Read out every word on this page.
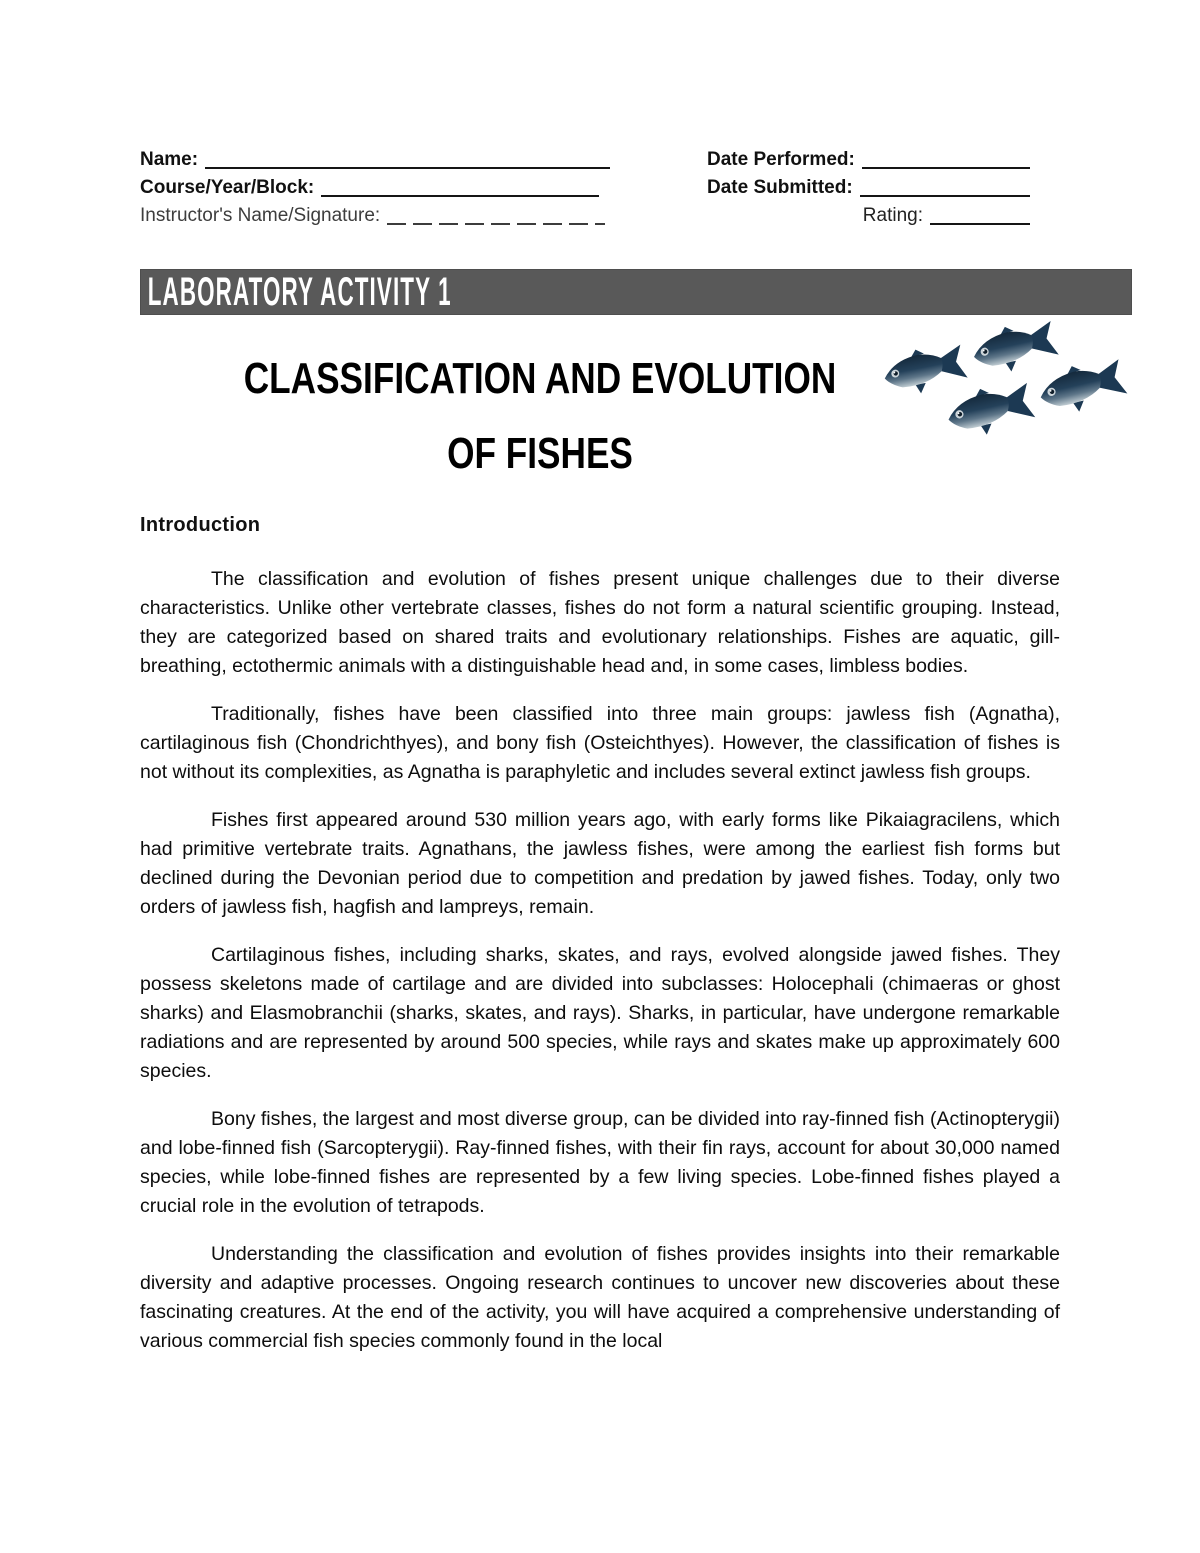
Name:
Course/Year/Block:
Instructor's Name/Signature:
Date Performed:
Date Submitted:
Rating:
LABORATORY ACTIVITY 1
CLASSIFICATION AND EVOLUTION
OF FISHES
Introduction

The classification and evolution of fishes present unique challenges due to their diverse characteristics. Unlike other vertebrate classes, fishes do not form a natural scientific grouping. Instead, they are categorized based on shared traits and evolutionary relationships. Fishes are aquatic, gill-breathing, ectothermic animals with a distinguishable head and, in some cases, limbless bodies.

Traditionally, fishes have been classified into three main groups: jawless fish (Agnatha), cartilaginous fish (Chondrichthyes), and bony fish (Osteichthyes). However, the classification of fishes is not without its complexities, as Agnatha is paraphyletic and includes several extinct jawless fish groups.

Fishes first appeared around 530 million years ago, with early forms like Pikaiagracilens, which had primitive vertebrate traits. Agnathans, the jawless fishes, were among the earliest fish forms but declined during the Devonian period due to competition and predation by jawed fishes. Today, only two orders of jawless fish, hagfish and lampreys, remain.

Cartilaginous fishes, including sharks, skates, and rays, evolved alongside jawed fishes. They possess skeletons made of cartilage and are divided into subclasses: Holocephali (chimaeras or ghost sharks) and Elasmobranchii (sharks, skates, and rays). Sharks, in particular, have undergone remarkable radiations and are represented by around 500 species, while rays and skates make up approximately 600 species.

Bony fishes, the largest and most diverse group, can be divided into ray-finned fish (Actinopterygii) and lobe-finned fish (Sarcopterygii). Ray-finned fishes, with their fin rays, account for about 30,000 named species, while lobe-finned fishes are represented by a few living species. Lobe-finned fishes played a crucial role in the evolution of tetrapods.

Understanding the classification and evolution of fishes provides insights into their remarkable diversity and adaptive processes. Ongoing research continues to uncover new discoveries about these fascinating creatures. At the end of the activity, you will have acquired a comprehensive understanding of various commercial fish species commonly found in the local
